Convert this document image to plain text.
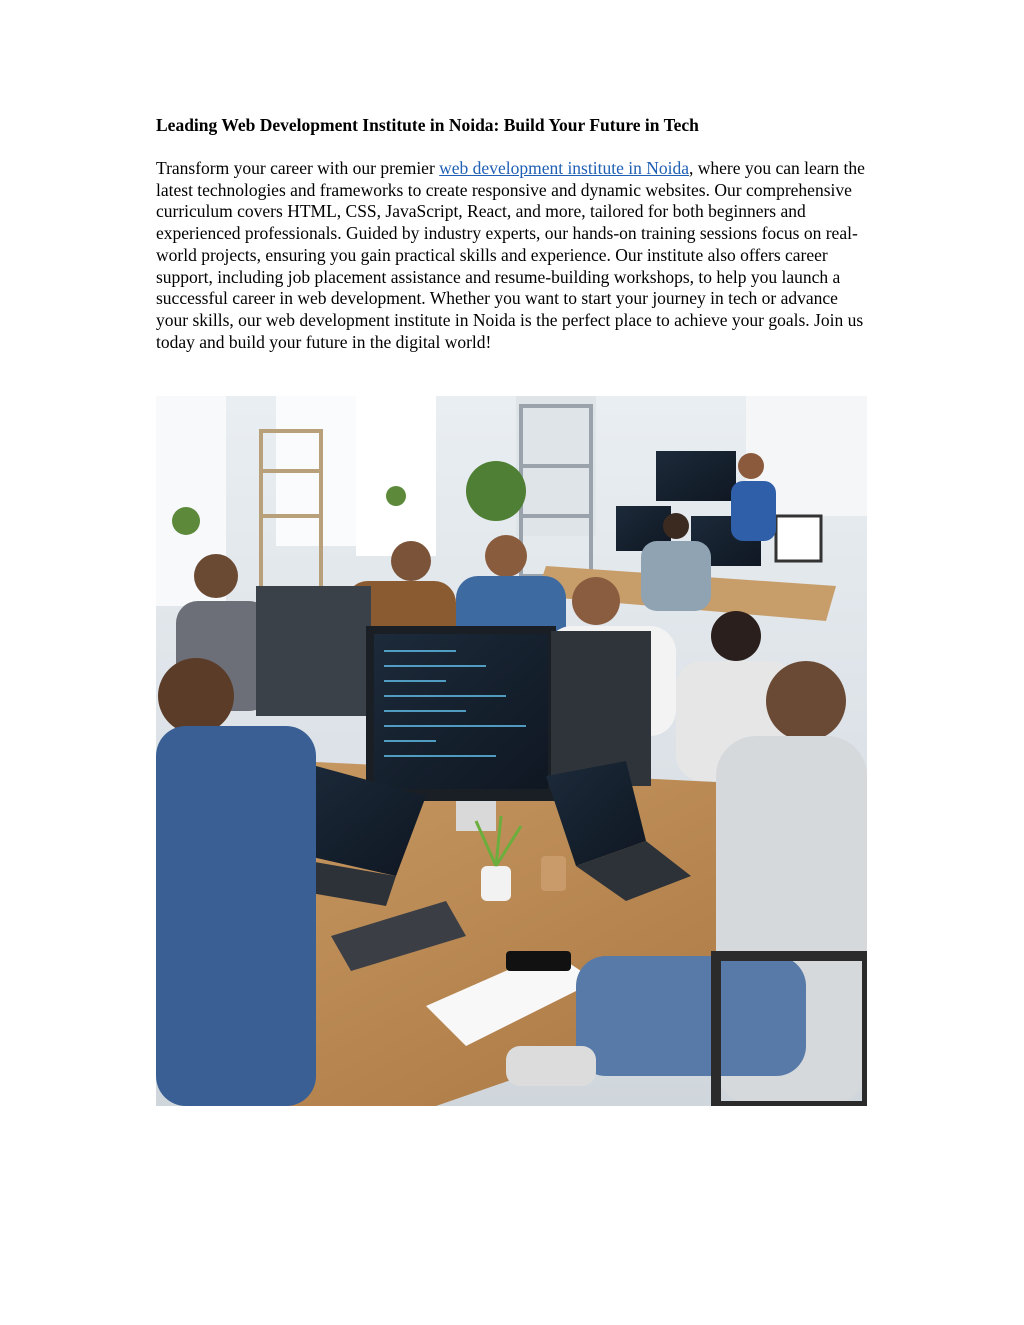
Leading Web Development Institute in Noida: Build Your Future in Tech

Transform your career with our premier web development institute in Noida, where you can learn the latest technologies and frameworks to create responsive and dynamic websites. Our comprehensive curriculum covers HTML, CSS, JavaScript, React, and more, tailored for both beginners and experienced professionals. Guided by industry experts, our hands-on training sessions focus on real-world projects, ensuring you gain practical skills and experience. Our institute also offers career support, including job placement assistance and resume-building workshops, to help you launch a successful career in web development. Whether you want to start your journey in tech or advance your skills, our web development institute in Noida is the perfect place to achieve your goals. Join us today and build your future in the digital world!
